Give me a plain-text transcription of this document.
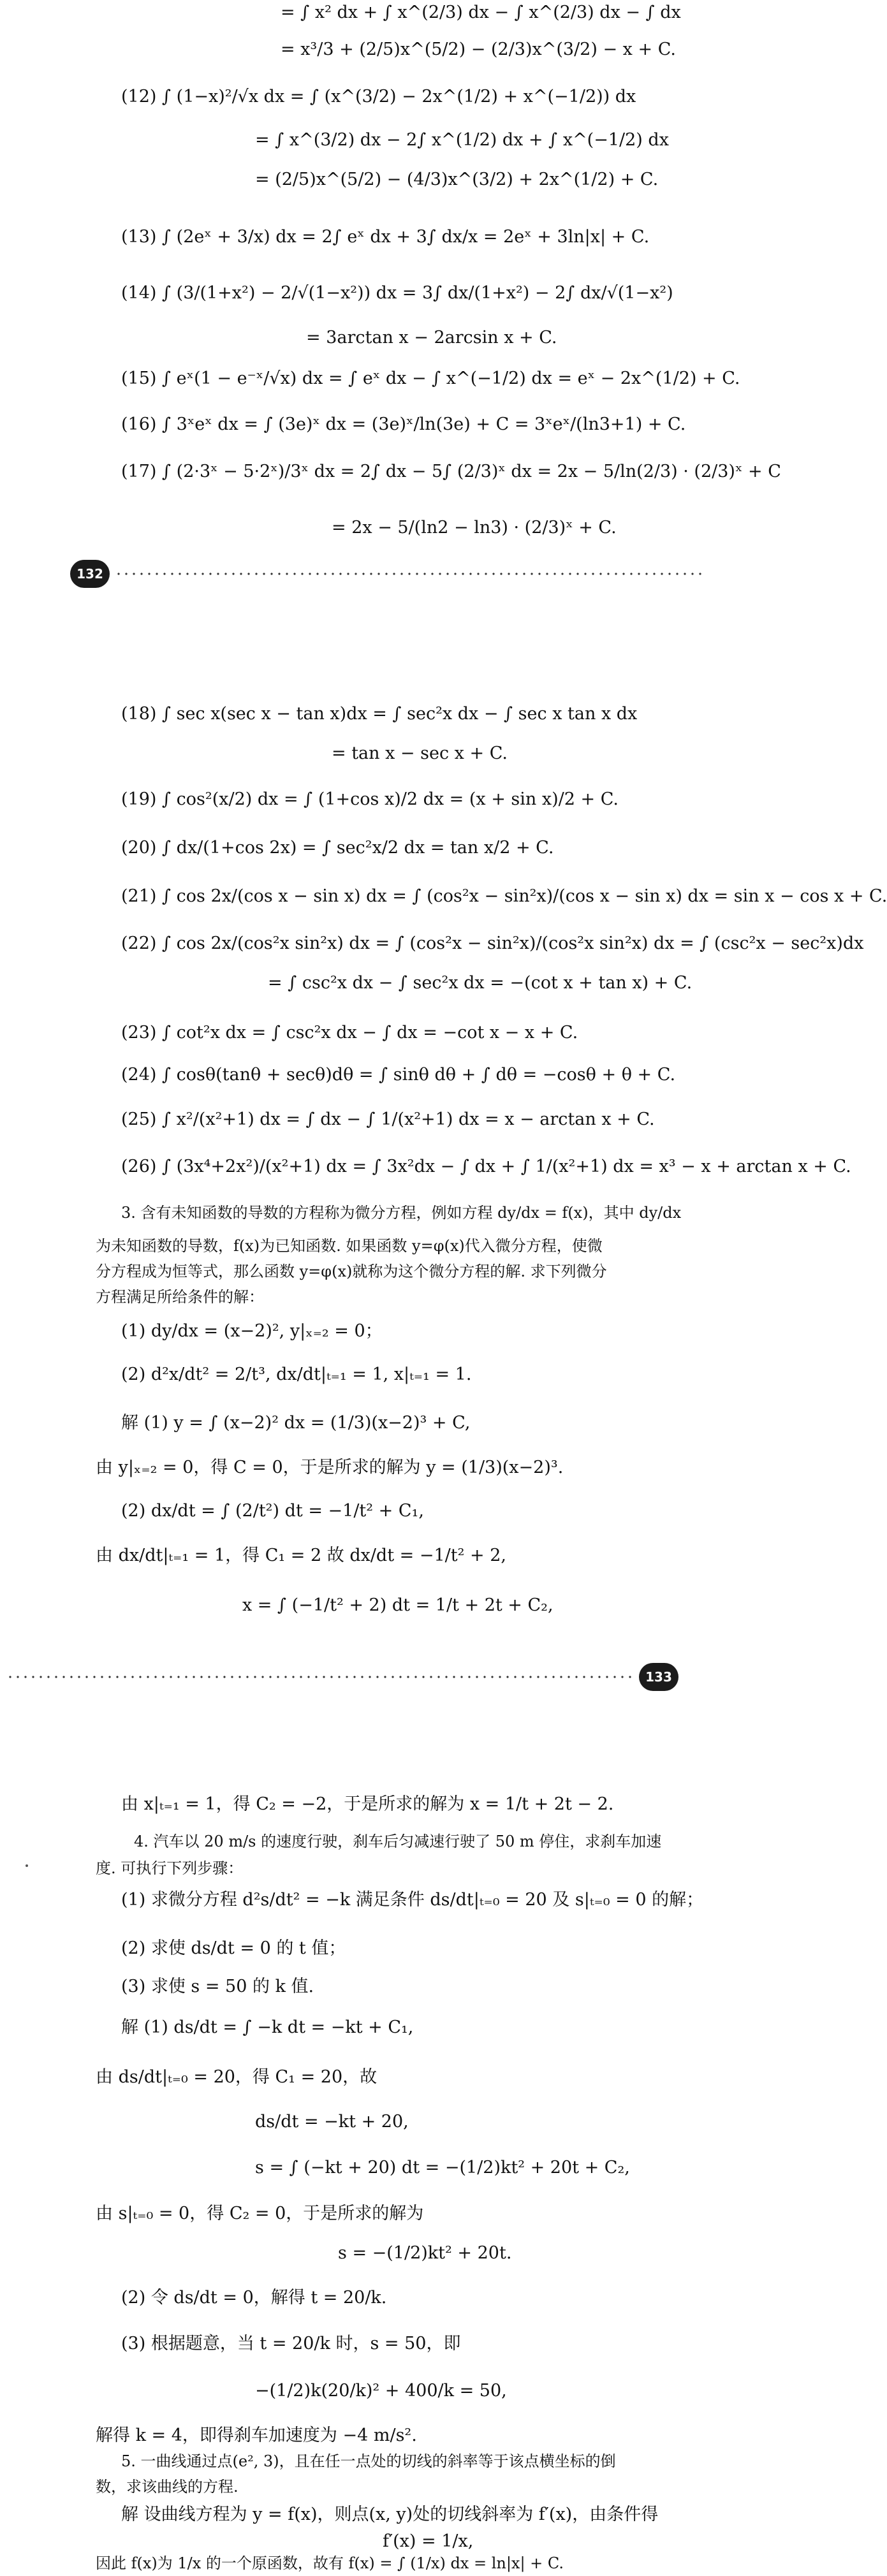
= ∫ x² dx + ∫ x^(2/3) dx − ∫ x^(2/3) dx − ∫ dx
= x³/3 + (2/5)x^(5/2) − (2/3)x^(3/2) − x + C.
(12) ∫ (1−x)²/√x dx = ∫ (x^(3/2) − 2x^(1/2) + x^(−1/2)) dx
= ∫ x^(3/2) dx − 2∫ x^(1/2) dx + ∫ x^(−1/2) dx
= (2/5)x^(5/2) − (4/3)x^(3/2) + 2x^(1/2) + C.
(13) ∫ (2eˣ + 3/x) dx = 2∫ eˣ dx + 3∫ dx/x = 2eˣ + 3ln|x| + C.
(14) ∫ (3/(1+x²) − 2/√(1−x²)) dx = 3∫ dx/(1+x²) − 2∫ dx/√(1−x²)
= 3arctan x − 2arcsin x + C.
(15) ∫ eˣ(1 − e⁻ˣ/√x) dx = ∫ eˣ dx − ∫ x^(−1/2) dx = eˣ − 2x^(1/2) + C.
(16) ∫ 3ˣeˣ dx = ∫ (3e)ˣ dx = (3e)ˣ/ln(3e) + C = 3ˣeˣ/(ln3+1) + C.
(17) ∫ (2·3ˣ − 5·2ˣ)/3ˣ dx = 2∫ dx − 5∫ (2/3)ˣ dx = 2x − 5/ln(2/3) · (2/3)ˣ + C
= 2x − 5/(ln2 − ln3) · (2/3)ˣ + C.
132
(18) ∫ sec x(sec x − tan x)dx = ∫ sec²x dx − ∫ sec x tan x dx
= tan x − sec x + C.
(19) ∫ cos²(x/2) dx = ∫ (1+cos x)/2 dx = (x + sin x)/2 + C.
(20) ∫ dx/(1+cos 2x) = ∫ sec²x/2 dx = tan x/2 + C.
(21) ∫ cos 2x/(cos x − sin x) dx = ∫ (cos²x − sin²x)/(cos x − sin x) dx = sin x − cos x + C.
(22) ∫ cos 2x/(cos²x sin²x) dx = ∫ (cos²x − sin²x)/(cos²x sin²x) dx = ∫ (csc²x − sec²x)dx
= ∫ csc²x dx − ∫ sec²x dx = −(cot x + tan x) + C.
(23) ∫ cot²x dx = ∫ csc²x dx − ∫ dx = −cot x − x + C.
(24) ∫ cosθ(tanθ + secθ)dθ = ∫ sinθ dθ + ∫ dθ = −cosθ + θ + C.
(25) ∫ x²/(x²+1) dx = ∫ dx − ∫ 1/(x²+1) dx = x − arctan x + C.
(26) ∫ (3x⁴+2x²)/(x²+1) dx = ∫ 3x²dx − ∫ dx + ∫ 1/(x²+1) dx = x³ − x + arctan x + C.
3. 含有未知函数的导数的方程称为微分方程，例如方程 dy/dx = f(x)，其中 dy/dx
为未知函数的导数，f(x)为已知函数. 如果函数 y=φ(x)代入微分方程，使微
分方程成为恒等式，那么函数 y=φ(x)就称为这个微分方程的解. 求下列微分
方程满足所给条件的解：
(1) dy/dx = (x−2)², y|ₓ₌₂ = 0；
(2) d²x/dt² = 2/t³, dx/dt|ₜ₌₁ = 1, x|ₜ₌₁ = 1.
解 (1) y = ∫ (x−2)² dx = (1/3)(x−2)³ + C,
由 y|ₓ₌₂ = 0，得 C = 0，于是所求的解为 y = (1/3)(x−2)³.
(2) dx/dt = ∫ (2/t²) dt = −1/t² + C₁,
由 dx/dt|ₜ₌₁ = 1，得 C₁ = 2 故 dx/dt = −1/t² + 2,
x = ∫ (−1/t² + 2) dt = 1/t + 2t + C₂,
133
由 x|ₜ₌₁ = 1，得 C₂ = −2，于是所求的解为 x = 1/t + 2t − 2.
4. 汽车以 20 m/s 的速度行驶，刹车后匀减速行驶了 50 m 停住，求刹车加速
度. 可执行下列步骤：
(1) 求微分方程 d²s/dt² = −k 满足条件 ds/dt|ₜ₌₀ = 20 及 s|ₜ₌₀ = 0 的解；
(2) 求使 ds/dt = 0 的 t 值；
(3) 求使 s = 50 的 k 值.
解 (1) ds/dt = ∫ −k dt = −kt + C₁,
由 ds/dt|ₜ₌₀ = 20，得 C₁ = 20，故
ds/dt = −kt + 20,
s = ∫ (−kt + 20) dt = −(1/2)kt² + 20t + C₂,
由 s|ₜ₌₀ = 0，得 C₂ = 0，于是所求的解为
s = −(1/2)kt² + 20t.
(2) 令 ds/dt = 0，解得 t = 20/k.
(3) 根据题意，当 t = 20/k 时，s = 50，即
−(1/2)k(20/k)² + 400/k = 50,
解得 k = 4，即得刹车加速度为 −4 m/s².
5. 一曲线通过点(e², 3)，且在任一点处的切线的斜率等于该点横坐标的倒
数，求该曲线的方程.
解 设曲线方程为 y = f(x)，则点(x, y)处的切线斜率为 f′(x)，由条件得
f′(x) = 1/x,
因此 f(x)为 1/x 的一个原函数，故有 f(x) = ∫ (1/x) dx = ln|x| + C.
